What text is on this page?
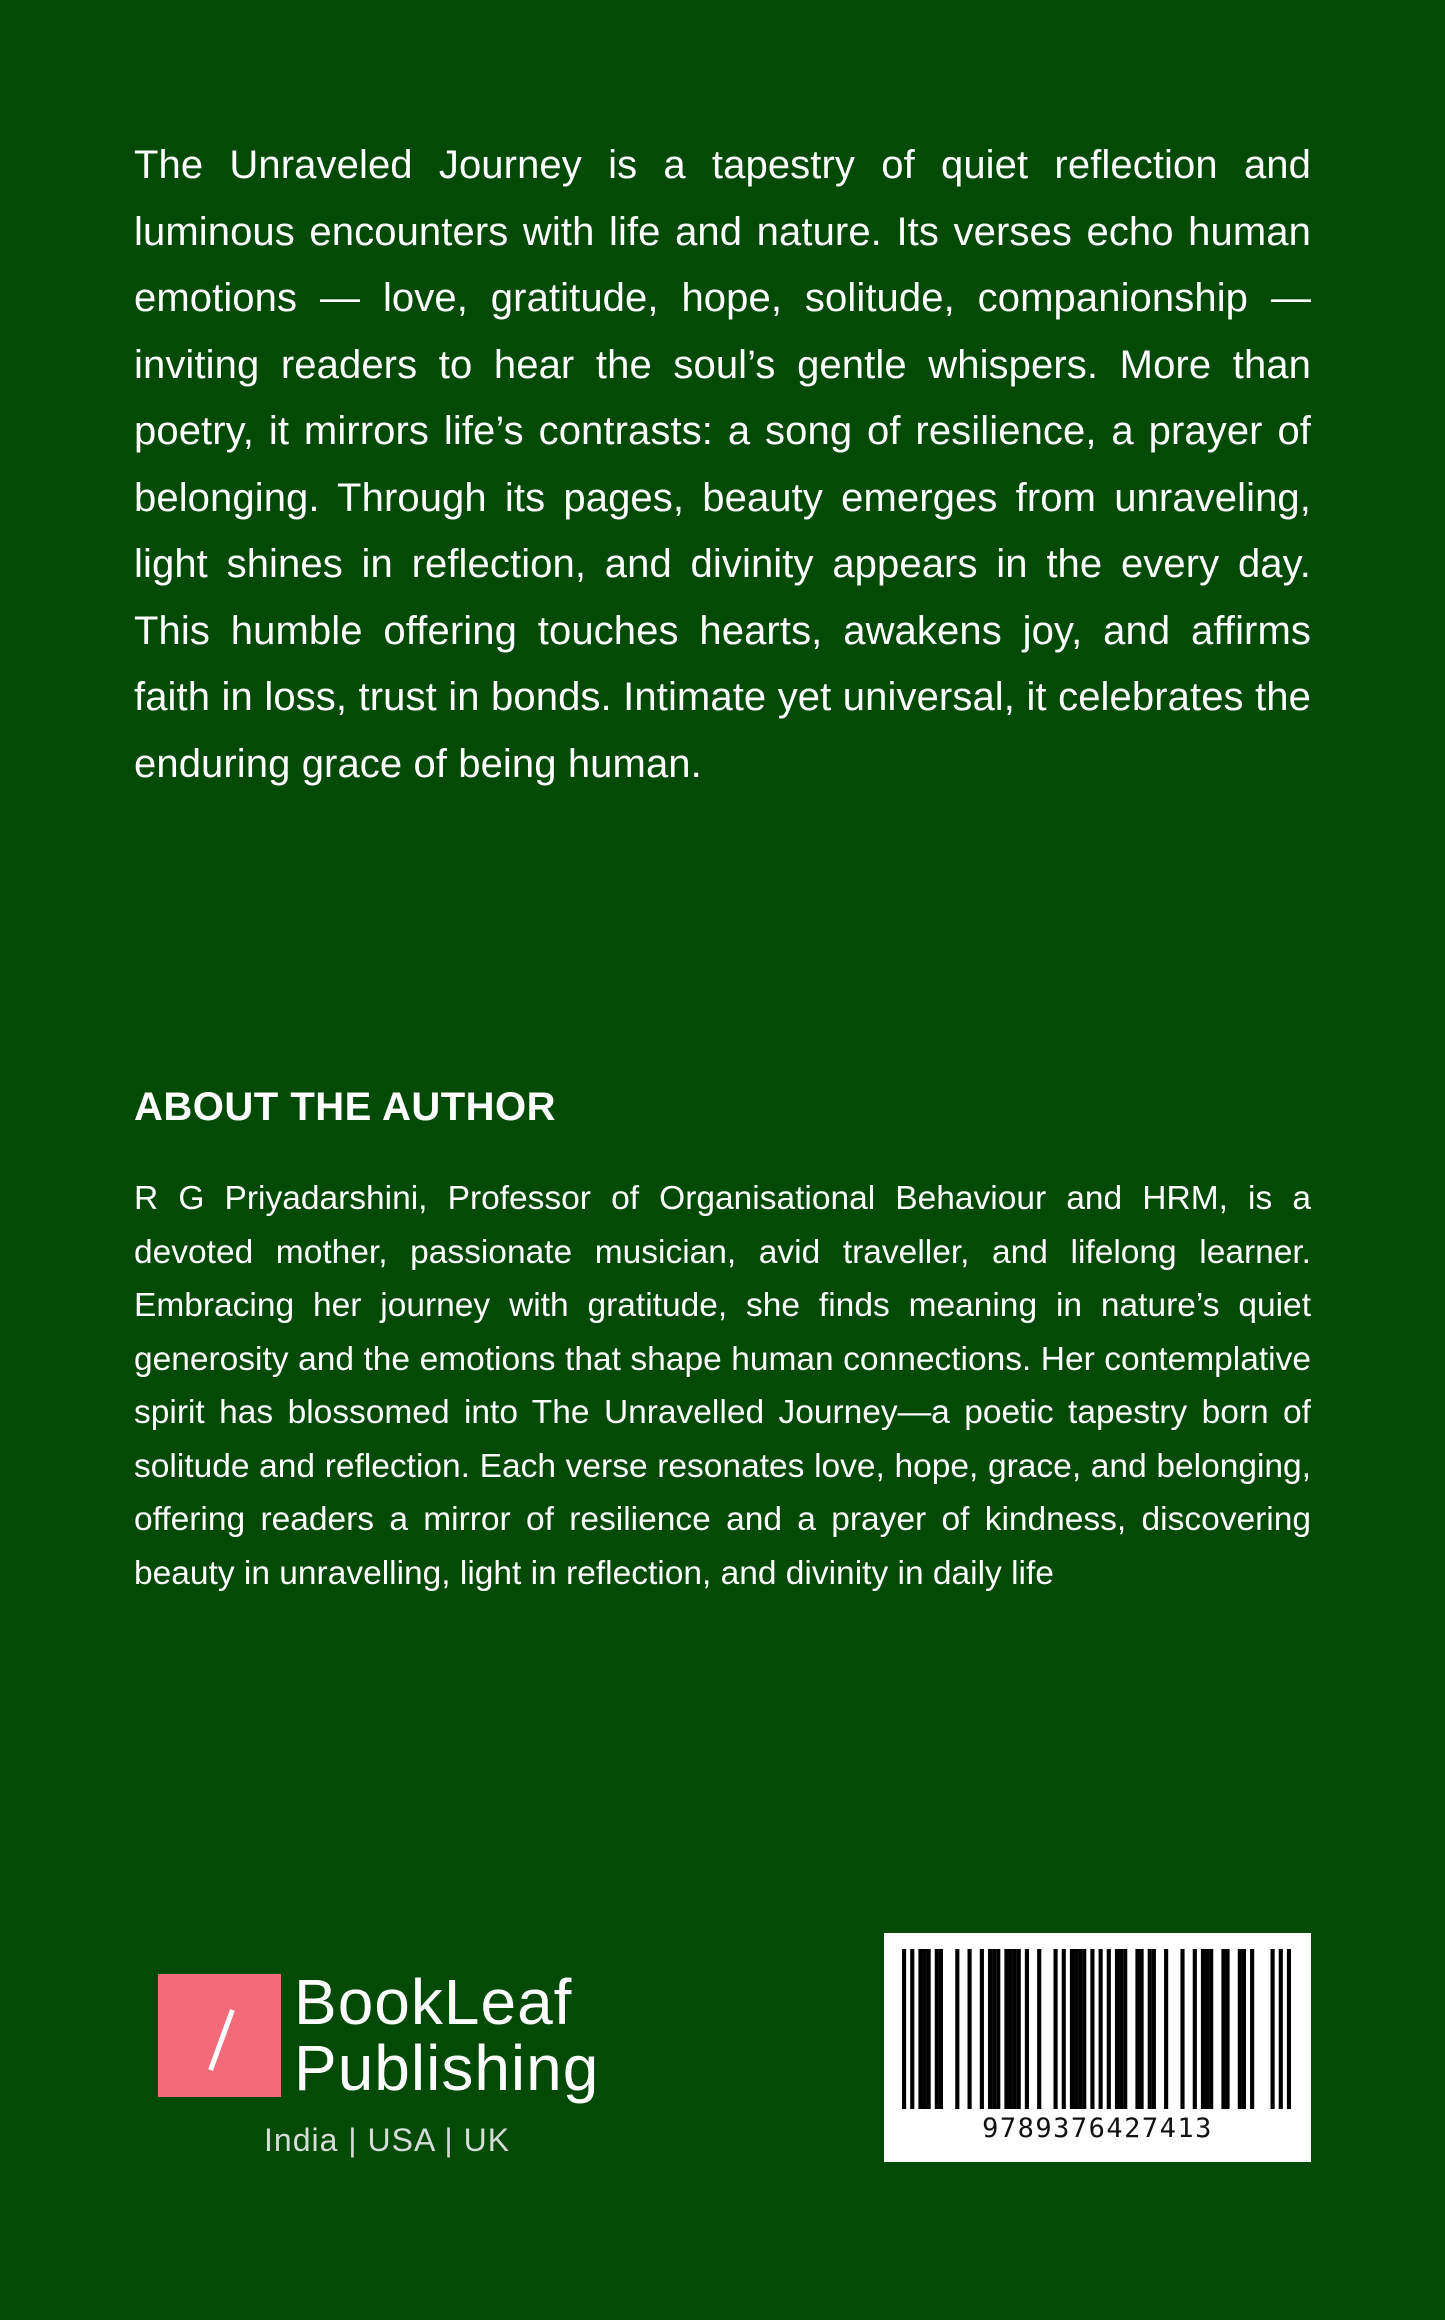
The Unraveled Journey is a tapestry of quiet reflection and luminous encounters with life and nature. Its verses echo human emotions — love, gratitude, hope, solitude, companionship — inviting readers to hear the soul’s gentle whispers. More than poetry, it mirrors life’s contrasts: a song of resilience, a prayer of belonging. Through its pages, beauty emerges from unraveling, light shines in reflection, and divinity appears in the every day. This humble offering touches hearts, awakens joy, and affirms faith in loss, trust in bonds. Intimate yet universal, it celebrates the enduring grace of being human.
ABOUT THE AUTHOR
R G Priyadarshini, Professor of Organisational Behaviour and HRM, is a devoted mother, passionate musician, avid traveller, and lifelong learner. Embracing her journey with gratitude, she finds meaning in nature’s quiet generosity and the emotions that shape human connections. Her contemplative spirit has blossomed into The Unravelled Journey—a poetic tapestry born of solitude and reflection. Each verse resonates love, hope, grace, and belonging, offering readers a mirror of resilience and a prayer of kindness, discovering beauty in unravelling, light in reflection, and divinity in daily life
BookLeaf
Publishing
India | USA | UK	9789376427413
